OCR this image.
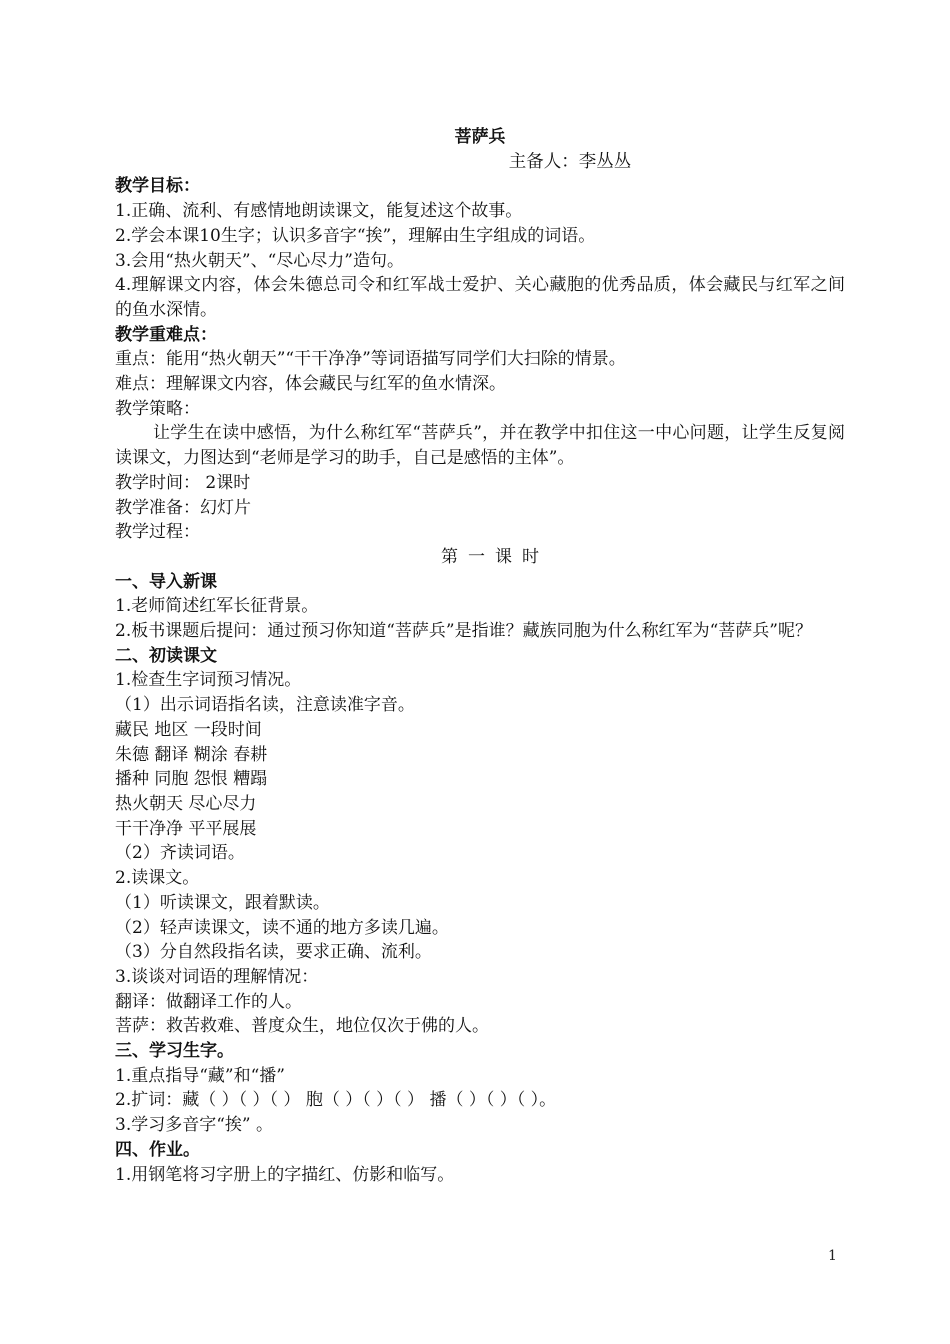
菩萨兵

主备人：李丛丛

教学目标：

1.正确、流利、有感情地朗读课文，能复述这个故事。

2.学会本课10生字；认识多音字“挨”，理解由生字组成的词语。

3.会用“热火朝天”、“尽心尽力”造句。

4.理解课文内容，体会朱德总司令和红军战士爱护、关心藏胞的优秀品质，体会藏民与红军之间的鱼水深情。

教学重难点：

重点：能用“热火朝天”“干干净净”等词语描写同学们大扫除的情景。

难点：理解课文内容，体会藏民与红军的鱼水情深。

教学策略：

让学生在读中感悟，为什么称红军“菩萨兵”，并在教学中扣住这一中心问题，让学生反复阅读课文，力图达到“老师是学习的助手，自己是感悟的主体”。

教学时间： 2课时

教学准备：幻灯片

教学过程：

第一课时

一、导入新课

1.老师简述红军长征背景。

2.板书课题后提问：通过预习你知道“菩萨兵”是指谁？藏族同胞为什么称红军为“菩萨兵”呢？

二、初读课文

1.检查生字词预习情况。

（1）出示词语指名读，注意读准字音。

藏民 地区 一段时间

朱德 翻译 糊涂 春耕

播种 同胞 怨恨 糟蹋

热火朝天 尽心尽力

干干净净 平平展展

（2）齐读词语。

2.读课文。

（1）听读课文，跟着默读。

（2）轻声读课文，读不通的地方多读几遍。

（3）分自然段指名读，要求正确、流利。

3.谈谈对词语的理解情况：

翻译：做翻译工作的人。

菩萨：救苦救难、普度众生，地位仅次于佛的人。

三、学习生字。

1.重点指导“藏”和“播”

2.扩词：藏（ ）（ ）（ ） 胞（ ）（ ）（ ） 播（ ）（ ）（ ）。

3.学习多音字“挨” 。

四、作业。

1.用钢笔将习字册上的字描红、仿影和临写。

1
